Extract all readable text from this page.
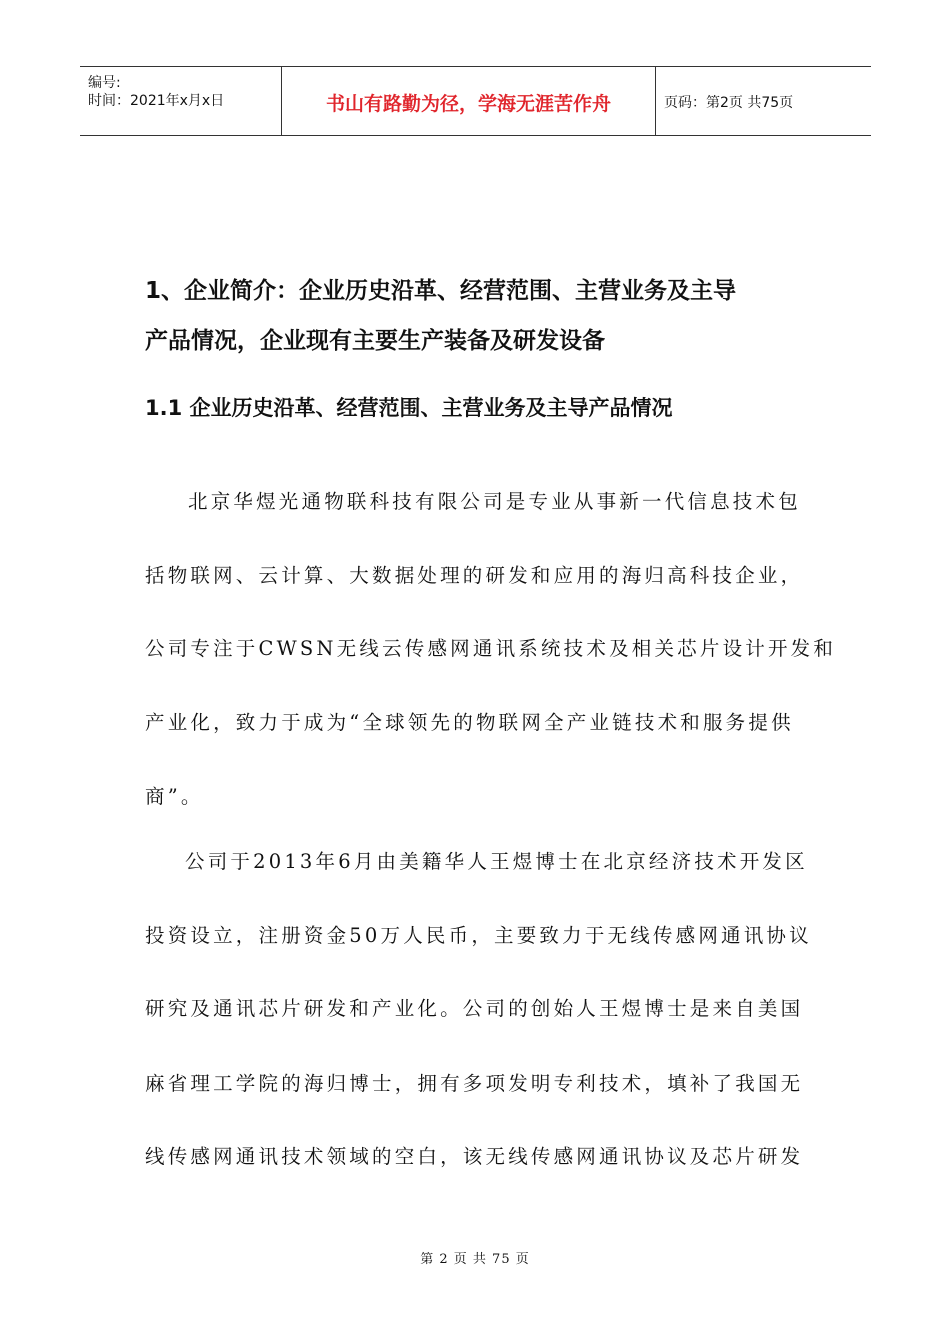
编号:
时间：2021年x月x日	书山有路勤为径，学海无涯苦作舟	页码：第2页 共75页
1、企业简介：企业历史沿革、经营范围、主营业务及主导
产品情况，企业现有主要生产装备及研发设备
1.1 企业历史沿革、经营范围、主营业务及主导产品情况
北京华煜光通物联科技有限公司是专业从事新一代信息技术包
括物联网、云计算、大数据处理的研发和应用的海归高科技企业，
公司专注于CWSN无线云传感网通讯系统技术及相关芯片设计开发和
产业化，致力于成为“全球领先的物联网全产业链技术和服务提供
商”。
公司于2013年6月由美籍华人王煜博士在北京经济技术开发区
投资设立，注册资金50万人民币，主要致力于无线传感网通讯协议
研究及通讯芯片研发和产业化。公司的创始人王煜博士是来自美国
麻省理工学院的海归博士，拥有多项发明专利技术，填补了我国无
线传感网通讯技术领域的空白，该无线传感网通讯协议及芯片研发
第 2 页 共 75 页
